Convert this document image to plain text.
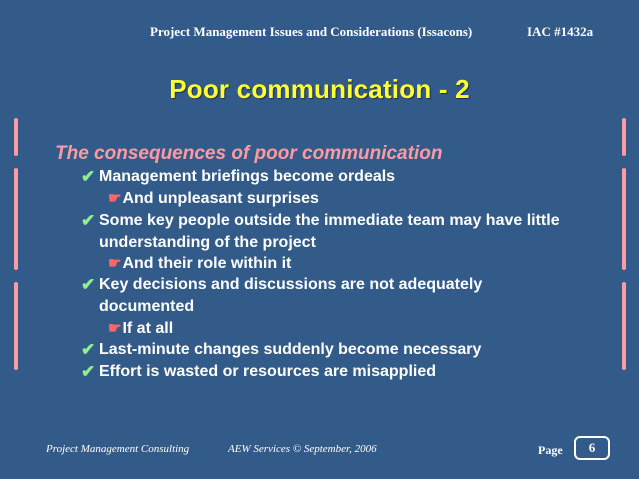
Project Management Issues and Considerations (Issacons)	IAC #1432a
Poor communication - 2
The consequences of poor communication
✔ Management briefings become ordeals
☛And unpleasant surprises
✔ Some key people outside the immediate team may have little understanding of the project
☛And their role within it
✔ Key decisions and discussions are not adequately documented
☛If at all
✔ Last-minute changes suddenly become necessary
✔ Effort is wasted or resources are misapplied
Project Management Consulting	AEW Services © September, 2006	Page	6
